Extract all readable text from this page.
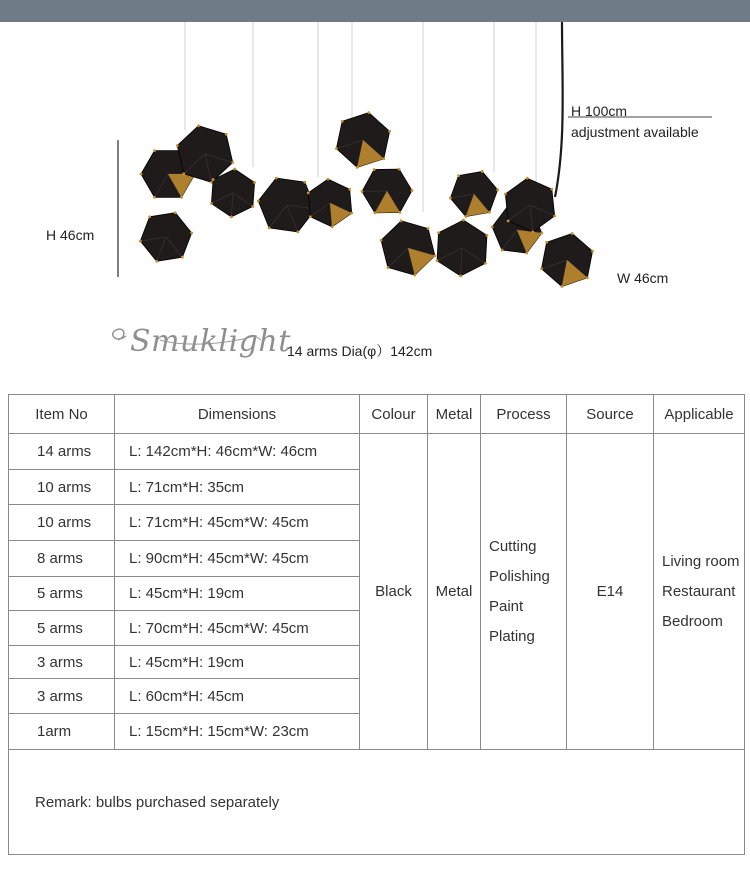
H 46cm
H 100cm
adjustment available
W 46cm
14 arms Dia(φ）142cm
Smuklight
Item No	Dimensions	Colour	Metal	Process	Source	Applicable
14 arms	L: 142cm*H: 46cm*W: 46cm	Black	Metal	Cutting
Polishing
Paint
Plating	E14	Living room
Restaurant
Bedroom

10 arms	L: 71cm*H: 35cm					
10 arms	L: 71cm*H: 45cm*W: 45cm					
8 arms	L: 90cm*H: 45cm*W: 45cm					
5 arms	L: 45cm*H: 19cm					
5 arms	L: 70cm*H: 45cm*W: 45cm					
3 arms	L: 45cm*H: 19cm					
3 arms	L: 60cm*H: 45cm					
1arm	L: 15cm*H: 15cm*W: 23cm					
Remark: bulbs purchased separately						
